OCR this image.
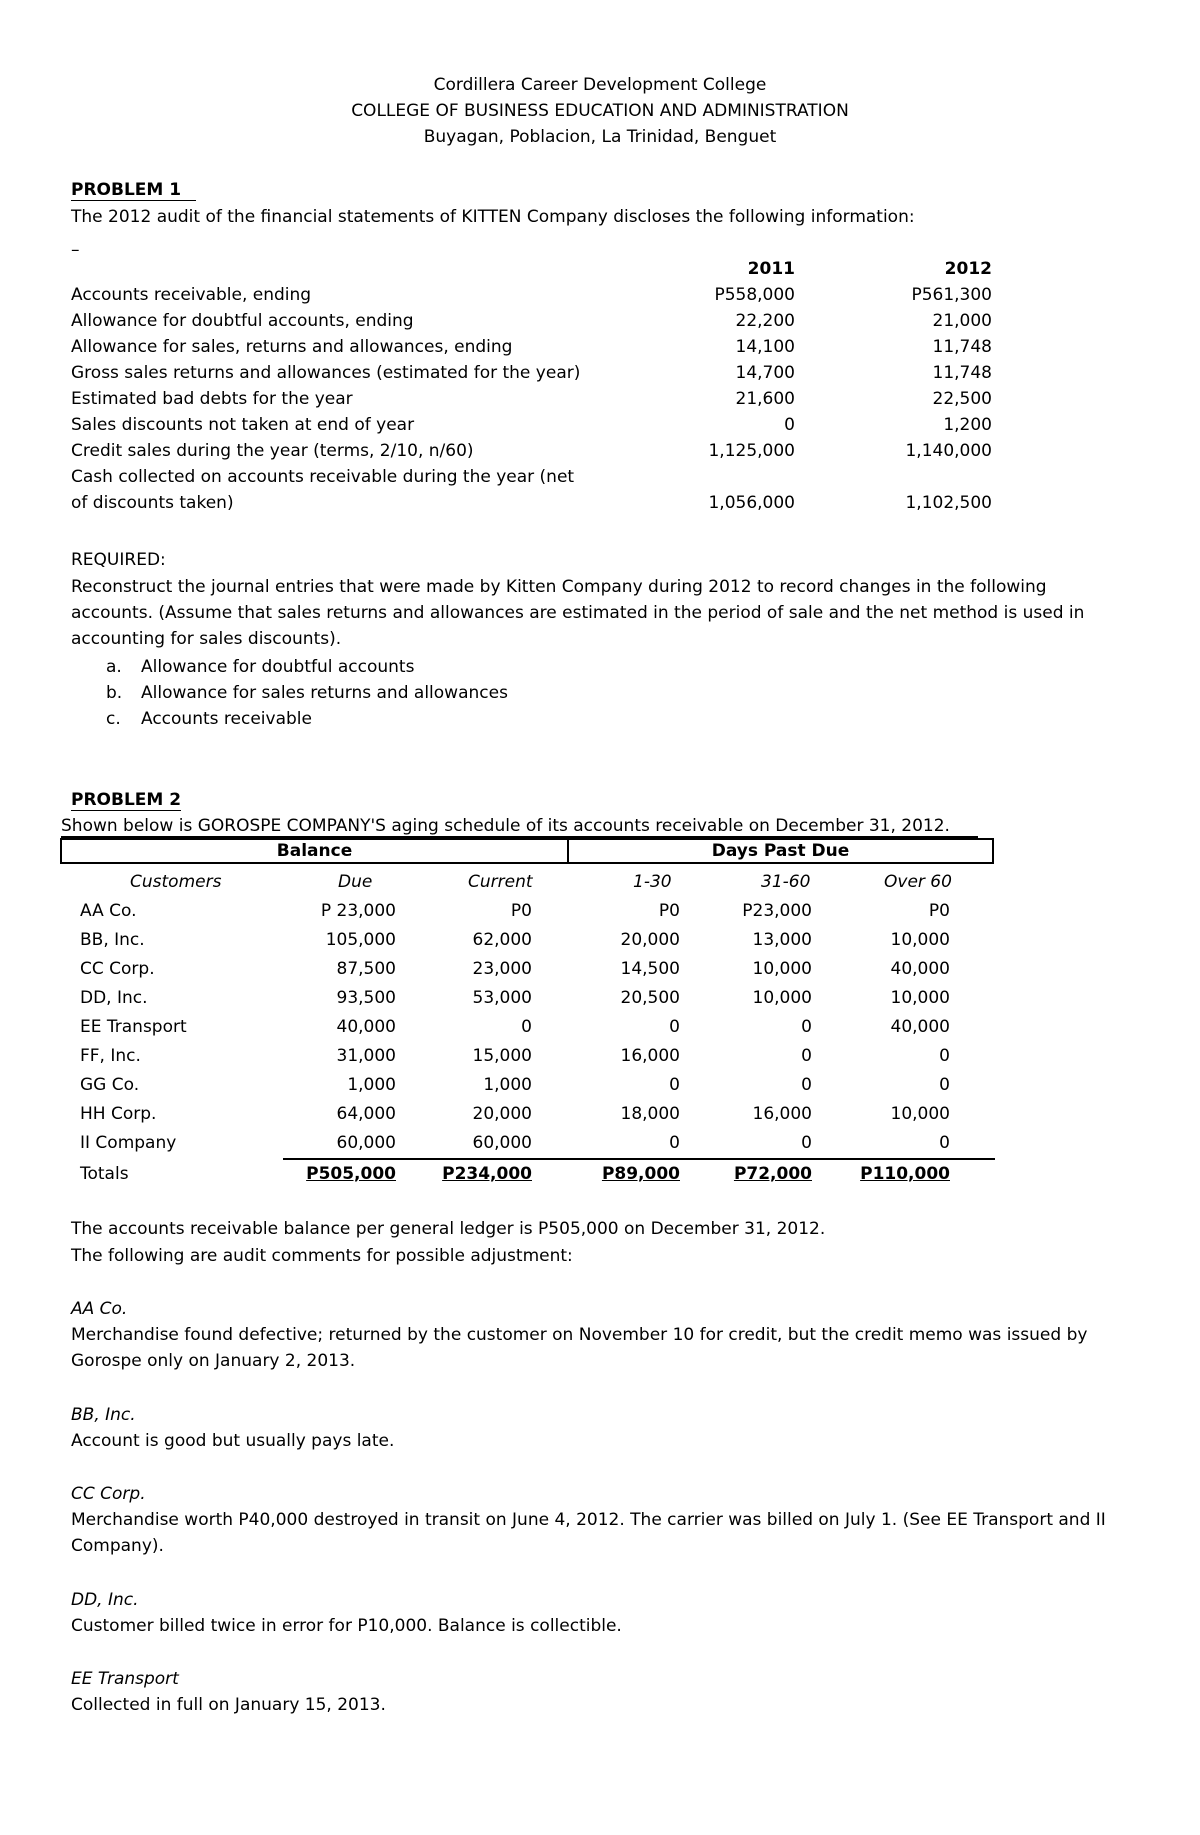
Cordillera Career Development College
COLLEGE OF BUSINESS EDUCATION AND ADMINISTRATION
Buyagan, Poblacion, La Trinidad, Benguet
PROBLEM 1
The 2012 audit of the financial statements of KITTEN Company discloses the following information:
–
2011	2012
Accounts receivable, ending	P558,000	P561,300
Allowance for doubtful accounts, ending	22,200	21,000
Allowance for sales, returns and allowances, ending	14,100	11,748
Gross sales returns and allowances (estimated for the year)	14,700	11,748
Estimated bad debts for the year	21,600	22,500
Sales discounts not taken at end of year	0	1,200
Credit sales during the year (terms, 2/10, n/60)	1,125,000	1,140,000
Cash collected on accounts receivable during the year (net
of discounts taken)	1,056,000	1,102,500
REQUIRED:
Reconstruct the journal entries that were made by Kitten Company during 2012 to record changes in the following accounts. (Assume that sales returns and allowances are estimated in the period of sale and the net method is used in accounting for sales discounts).
a. Allowance for doubtful accounts
b. Allowance for sales returns and allowances
c. Accounts receivable
PROBLEM 2
Shown below is GOROSPE COMPANY'S aging schedule of its accounts receivable on December 31, 2012.
Balance	Days Past Due
Customers	Due	Current	1-30	31-60	Over 60
AA Co.	P 23,000	P0	P0	P23,000	P0
BB, Inc.	105,000	62,000	20,000	13,000	10,000
CC Corp.	87,500	23,000	14,500	10,000	40,000
DD, Inc.	93,500	53,000	20,500	10,000	10,000
EE Transport	40,000	0	0	0	40,000
FF, Inc.	31,000	15,000	16,000	0	0
GG Co.	1,000	1,000	0	0	0
HH Corp.	64,000	20,000	18,000	16,000	10,000
II Company	60,000	60,000	0	0	0
Totals	P505,000	P234,000	P89,000	P72,000	P110,000
The accounts receivable balance per general ledger is P505,000 on December 31, 2012.
The following are audit comments for possible adjustment:
AA Co.
Merchandise found defective; returned by the customer on November 10 for credit, but the credit memo was issued by Gorospe only on January 2, 2013.
BB, Inc.
Account is good but usually pays late.
CC Corp.
Merchandise worth P40,000 destroyed in transit on June 4, 2012. The carrier was billed on July 1. (See EE Transport and II Company).
DD, Inc.
Customer billed twice in error for P10,000. Balance is collectible.
EE Transport
Collected in full on January 15, 2013.
